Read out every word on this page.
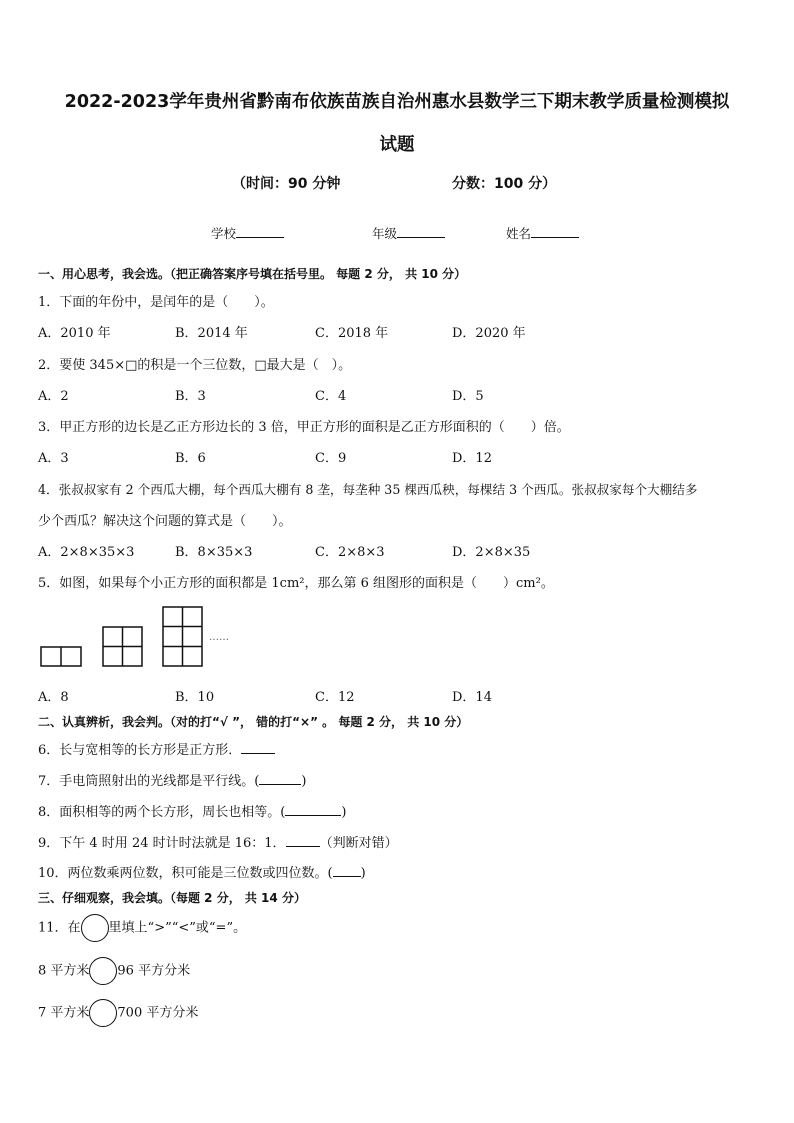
2022-2023学年贵州省黔南布依族苗族自治州惠水县数学三下期末教学质量检测模拟
试题
（时间：90 分钟	分数：100 分）
学校	年级	姓名
一、用心思考，我会选。（把正确答案序号填在括号里。 每题 2 分， 共 10 分）
1．下面的年份中，是闰年的是（　　）。
A．2010 年	B．2014 年	C．2018 年	D．2020 年
2．要使 345×□的积是一个三位数，□最大是（　）。
A．2	B．3	C．4	D．5
3．甲正方形的边长是乙正方形边长的 3 倍，甲正方形的面积是乙正方形面积的（　　）倍。
A．3	B．6	C．9	D．12
4．张叔叔家有 2 个西瓜大棚，每个西瓜大棚有 8 垄，每垄种 35 棵西瓜秧，每棵结 3 个西瓜。张叔叔家每个大棚结多
少个西瓜？解决这个问题的算式是（　　）。
A．2×8×35×3	B．8×35×3	C．2×8×3	D．2×8×35
5．如图，如果每个小正方形的面积都是 1cm²，那么第 6 组图形的面积是（　　）cm²。
……
A．8	B．10	C．12	D．14
二、认真辨析，我会判。（对的打“√ ”， 错的打“×” 。 每题 2 分， 共 10 分）
6．长与宽相等的长方形是正方形．
7．手电筒照射出的光线都是平行线。(	)
8．面积相等的两个长方形，周长也相等。(	)
9．下午 4 时用 24 时计时法就是 16：1．	（判断对错）
10．两位数乘两位数，积可能是三位数或四位数。( )
三、仔细观察，我会填。（每题 2 分， 共 14 分）
11．在 里填上“>”“<”或“=”。
8 平方米 96 平方分米
7 平方米 700 平方分米
